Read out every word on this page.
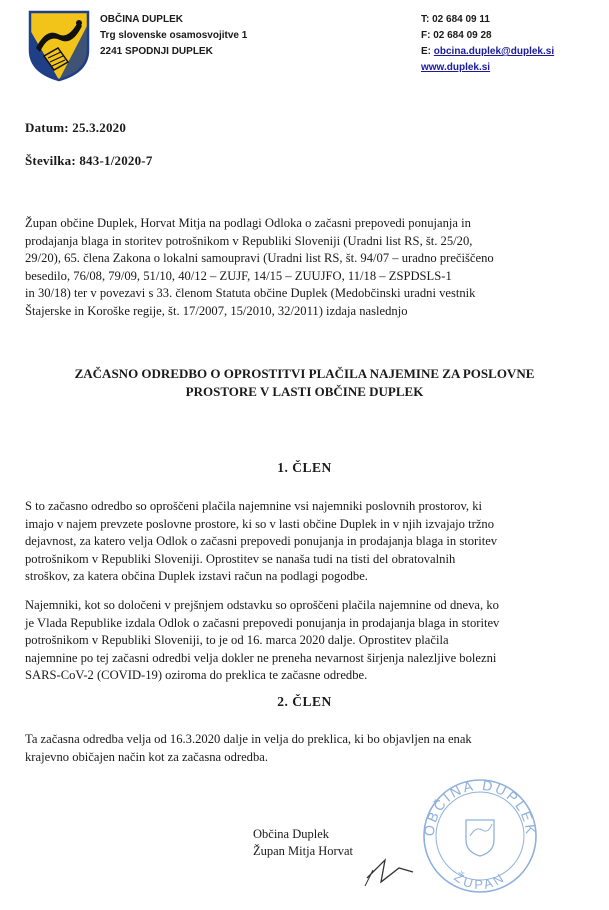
OBČINA DUPLEK
Trg slovenske osamosvojitve 1
2241 SPODNJI DUPLEK
T: 02 684 09 11
F: 02 684 09 28
E: obcina.duplek@duplek.si
www.duplek.si
Datum: 25.3.2020
Številka: 843-1/2020-7
Župan občine Duplek, Horvat Mitja na podlagi Odloka o začasni prepovedi ponujanja in
prodajanja blaga in storitev potrošnikom v Republiki Sloveniji (Uradni list RS, št. 25/20,
29/20), 65. člena Zakona o lokalni samoupravi (Uradni list RS, št. 94/07 – uradno prečiščeno
besedilo, 76/08, 79/09, 51/10, 40/12 – ZUJF, 14/15 – ZUUJFO, 11/18 – ZSPDSLS-1
in 30/18) ter v povezavi s 33. členom Statuta občine Duplek (Medobčinski uradni vestnik
Štajerske in Koroške regije, št. 17/2007, 15/2010, 32/2011) izdaja naslednjo
ZAČASNO ODREDBO O OPROSTITVI PLAČILA NAJEMINE ZA POSLOVNE
PROSTORE V LASTI OBČINE DUPLEK
1. ČLEN
S to začasno odredbo so oproščeni plačila najemnine vsi najemniki poslovnih prostorov, ki
imajo v najem prevzete poslovne prostore, ki so v lasti občine Duplek in v njih izvajajo tržno
dejavnost, za katero velja Odlok o začasni prepovedi ponujanja in prodajanja blaga in storitev
potrošnikom v Republiki Sloveniji. Oprostitev se nanaša tudi na tisti del obratovalnih
stroškov, za katera občina Duplek izstavi račun na podlagi pogodbe.
Najemniki, kot so določeni v prejšnjem odstavku so oproščeni plačila najemnine od dneva, ko
je Vlada Republike izdala Odlok o začasni prepovedi ponujanja in prodajanja blaga in storitev
potrošnikom v Republiki Sloveniji, to je od 16. marca 2020 dalje. Oprostitev plačila
najemnine po tej začasni odredbi velja dokler ne preneha nevarnost širjenja nalezljive bolezni
SARS-CoV-2 (COVID-19) oziroma do preklica te začasne odredbe.
2. ČLEN
Ta začasna odredba velja od 16.3.2020 dalje in velja do preklica, ki bo objavljen na enak
krajevno običajen način kot za začasna odredba.
Občina Duplek
Župan Mitja Horvat
OBČINA DUPLEK
ŽUPAN
